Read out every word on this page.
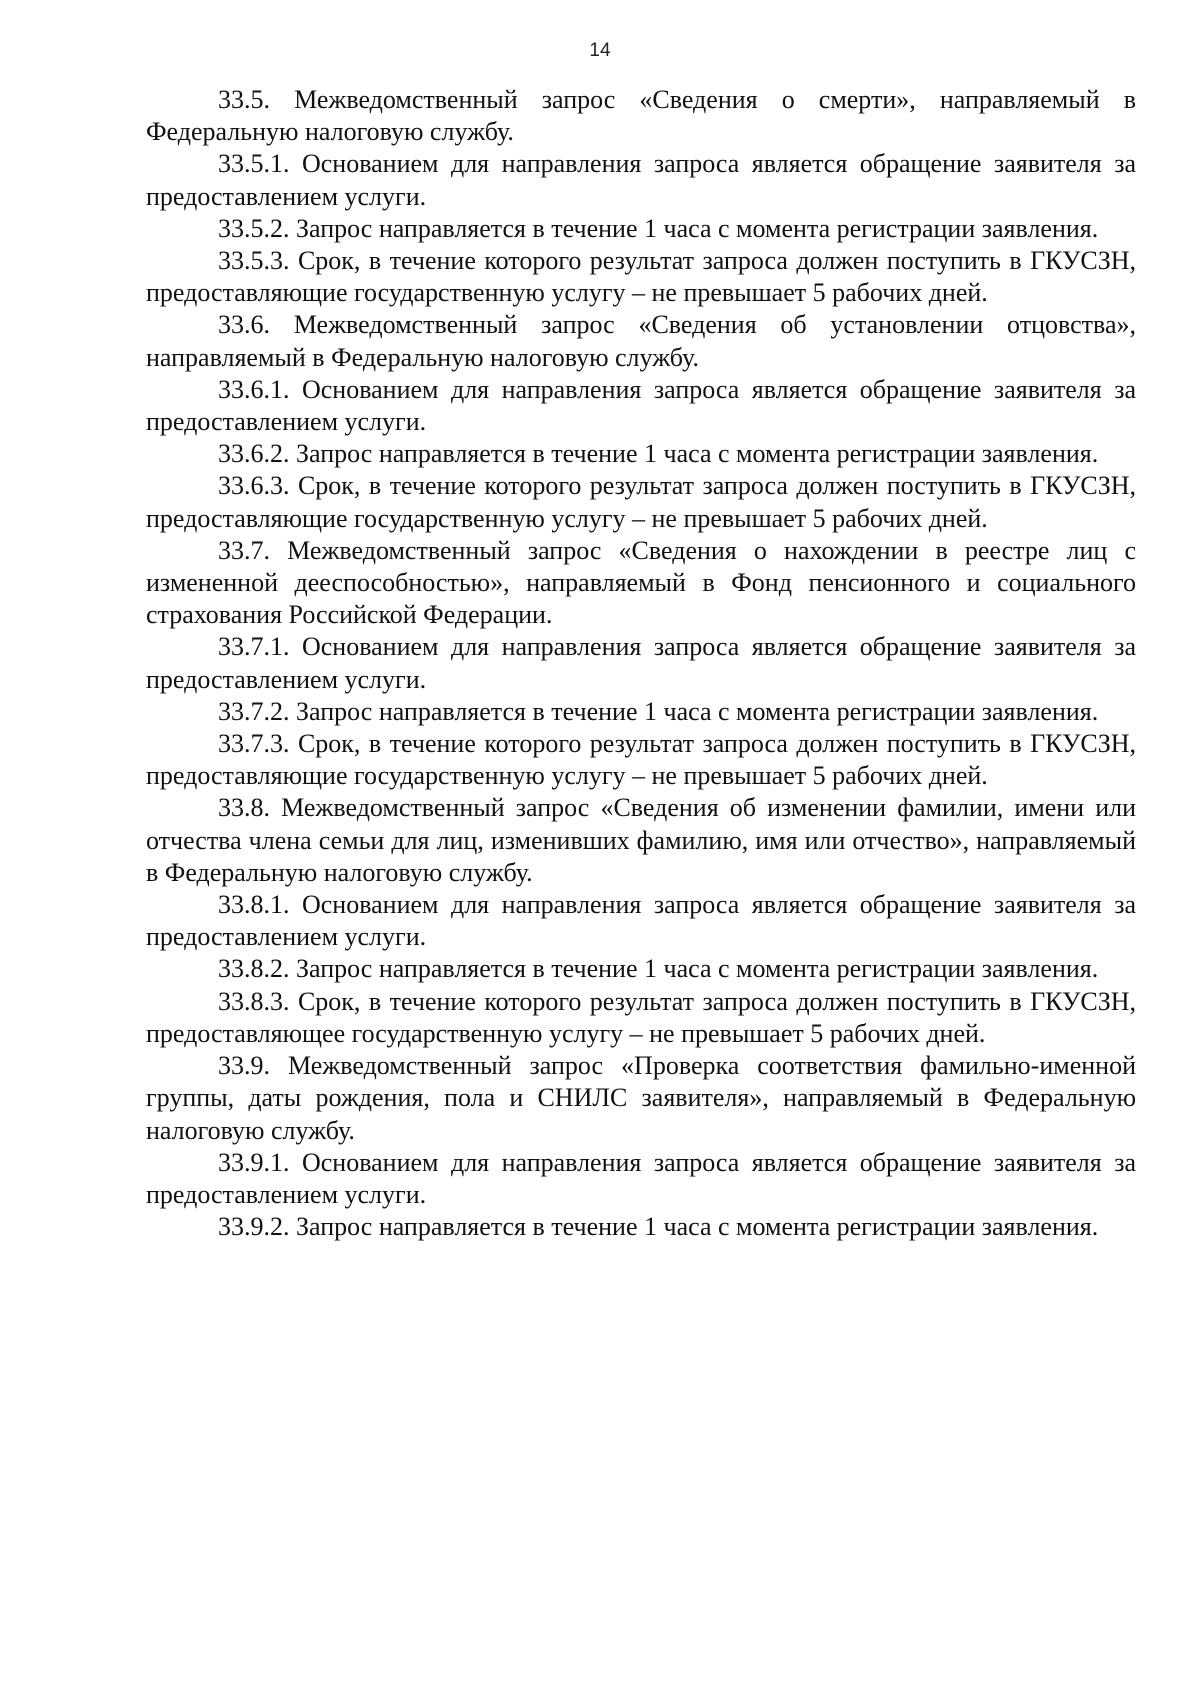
14

33.5. Межведомственный запрос «Сведения о смерти», направляемый в Федеральную налоговую службу.

33.5.1. Основанием для направления запроса является обращение заявителя за предоставлением услуги.

33.5.2. Запрос направляется в течение 1 часа с момента регистрации заявления.

33.5.3. Срок, в течение которого результат запроса должен поступить в ГКУСЗН, предоставляющие государственную услугу – не превышает 5 рабочих дней.

33.6. Межведомственный запрос «Сведения об установлении отцовства», направляемый в Федеральную налоговую службу.

33.6.1. Основанием для направления запроса является обращение заявителя за предоставлением услуги.

33.6.2. Запрос направляется в течение 1 часа с момента регистрации заявления.

33.6.3. Срок, в течение которого результат запроса должен поступить в ГКУСЗН, предоставляющие государственную услугу – не превышает 5 рабочих дней.

33.7. Межведомственный запрос «Сведения о нахождении в реестре лиц с измененной дееспособностью», направляемый в Фонд пенсионного и социального страхования Российской Федерации.

33.7.1. Основанием для направления запроса является обращение заявителя за предоставлением услуги.

33.7.2. Запрос направляется в течение 1 часа с момента регистрации заявления.

33.7.3. Срок, в течение которого результат запроса должен поступить в ГКУСЗН, предоставляющие государственную услугу – не превышает 5 рабочих дней.

33.8. Межведомственный запрос «Сведения об изменении фамилии, имени или отчества члена семьи для лиц, изменивших фамилию, имя или отчество», направляемый в Федеральную налоговую службу.

33.8.1. Основанием для направления запроса является обращение заявителя за предоставлением услуги.

33.8.2. Запрос направляется в течение 1 часа с момента регистрации заявления.

33.8.3. Срок, в течение которого результат запроса должен поступить в ГКУСЗН, предоставляющее государственную услугу – не превышает 5 рабочих дней.

33.9. Межведомственный запрос «Проверка соответствия фамильно-именной группы, даты рождения, пола и СНИЛС заявителя», направляемый в Федеральную налоговую службу.

33.9.1. Основанием для направления запроса является обращение заявителя за предоставлением услуги.

33.9.2. Запрос направляется в течение 1 часа с момента регистрации заявления.
